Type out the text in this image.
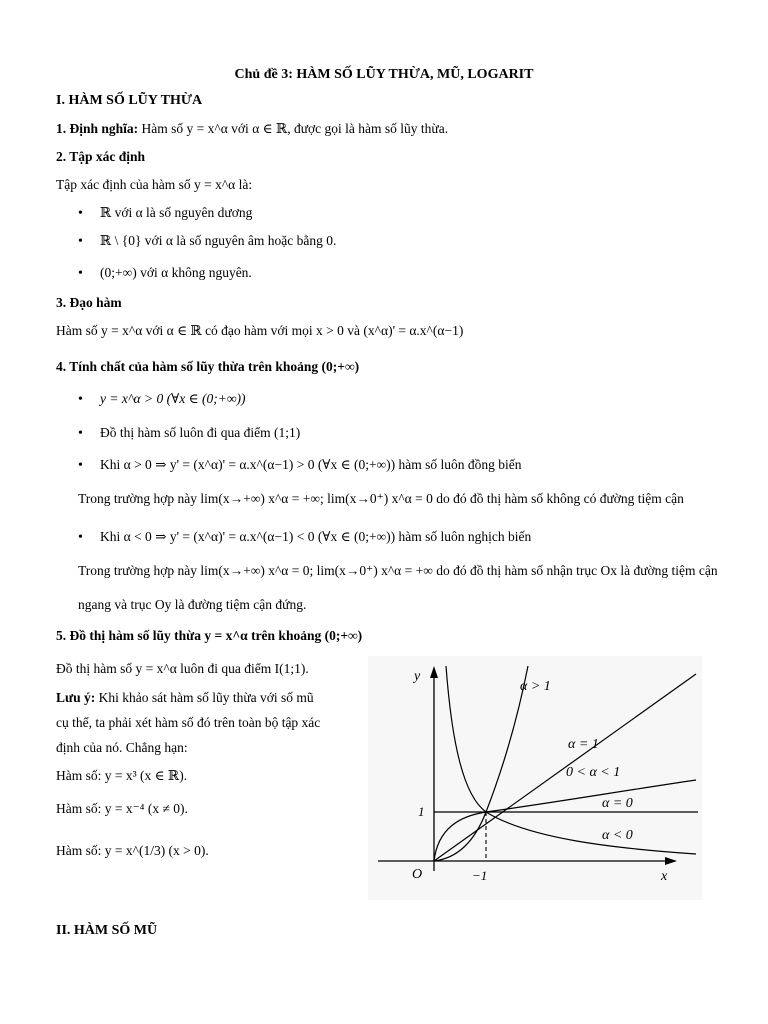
Chủ đề 3: HÀM SỐ LŨY THỪA, MŨ, LOGARIT
I. HÀM SỐ LŨY THỪA
1. Định nghĩa: Hàm số y = x^α với α ∈ ℝ, được gọi là hàm số lũy thừa.
2. Tập xác định
Tập xác định của hàm số y = x^α là:
• ℝ với α là số nguyên dương
• ℝ \ {0} với α là số nguyên âm hoặc bằng 0.
• (0;+∞) với α không nguyên.
3. Đạo hàm
Hàm số y = x^α với α ∈ ℝ có đạo hàm với mọi x > 0 và (x^α)' = α.x^(α−1)
4. Tính chất của hàm số lũy thừa trên khoảng (0;+∞)
• y = x^α > 0 (∀x ∈ (0;+∞))
• Đồ thị hàm số luôn đi qua điểm (1;1)
• Khi α > 0 ⇒ y' = (x^α)' = α.x^(α−1) > 0 (∀x ∈ (0;+∞)) hàm số luôn đồng biến
Trong trường hợp này lim(x→+∞) x^α = +∞; lim(x→0⁺) x^α = 0 do đó đồ thị hàm số không có đường tiệm cận
• Khi α < 0 ⇒ y' = (x^α)' = α.x^(α−1) < 0 (∀x ∈ (0;+∞)) hàm số luôn nghịch biến
Trong trường hợp này lim(x→+∞) x^α = 0; lim(x→0⁺) x^α = +∞ do đó đồ thị hàm số nhận trục Ox là đường tiệm cận
ngang và trục Oy là đường tiệm cận đứng.
5. Đồ thị hàm số lũy thừa y = x^α trên khoảng (0;+∞)
Đồ thị hàm số y = x^α luôn đi qua điểm I(1;1).
Lưu ý: Khi khảo sát hàm số lũy thừa với số mũ
cụ thể, ta phải xét hàm số đó trên toàn bộ tập xác
định của nó. Chẳng hạn:
Hàm số: y = x³ (x ∈ ℝ).
Hàm số: y = x⁻⁴ (x ≠ 0).
Hàm số: y = x^(1/3) (x > 0).
y
x
O
1
−1
α > 1
α = 1
0 < α < 1
α = 0
α < 0
II. HÀM SỐ MŨ
